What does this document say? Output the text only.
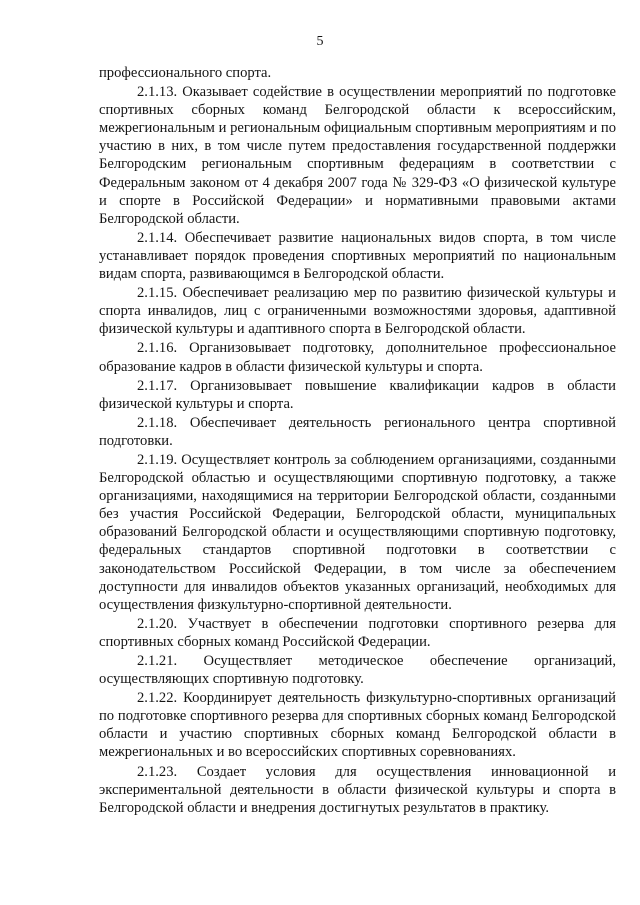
5

профессионального спорта.

2.1.13. Оказывает содействие в осуществлении мероприятий по подготовке спортивных сборных команд Белгородской области к всероссийским, межрегиональным и региональным официальным спортивным мероприятиям и по участию в них, в том числе путем предоставления государственной поддержки Белгородским региональным спортивным федерациям в соответствии с Федеральным законом от 4 декабря 2007 года № 329-ФЗ «О физической культуре и спорте в Российской Федерации» и нормативными правовыми актами Белгородской области.

2.1.14. Обеспечивает развитие национальных видов спорта, в том числе устанавливает порядок проведения спортивных мероприятий по национальным видам спорта, развивающимся в Белгородской области.

2.1.15. Обеспечивает реализацию мер по развитию физической культуры и спорта инвалидов, лиц с ограниченными возможностями здоровья, адаптивной физической культуры и адаптивного спорта в Белгородской области.

2.1.16. Организовывает подготовку, дополнительное профессиональное образование кадров в области физической культуры и спорта.

2.1.17. Организовывает повышение квалификации кадров в области физической культуры и спорта.

2.1.18. Обеспечивает деятельность регионального центра спортивной подготовки.

2.1.19. Осуществляет контроль за соблюдением организациями, созданными Белгородской областью и осуществляющими спортивную подготовку, а также организациями, находящимися на территории Белгородской области, созданными без участия Российской Федерации, Белгородской области, муниципальных образований Белгородской области и осуществляющими спортивную подготовку, федеральных стандартов спортивной подготовки в соответствии с законодательством Российской Федерации, в том числе за обеспечением доступности для инвалидов объектов указанных организаций, необходимых для осуществления физкультурно-спортивной деятельности.

2.1.20. Участвует в обеспечении подготовки спортивного резерва для спортивных сборных команд Российской Федерации.

2.1.21. Осуществляет методическое обеспечение организаций, осуществляющих спортивную подготовку.

2.1.22. Координирует деятельность физкультурно-спортивных организаций по подготовке спортивного резерва для спортивных сборных команд Белгородской области и участию спортивных сборных команд Белгородской области в межрегиональных и во всероссийских спортивных соревнованиях.

2.1.23. Создает условия для осуществления инновационной и экспериментальной деятельности в области физической культуры и спорта в Белгородской области и внедрения достигнутых результатов в практику.
